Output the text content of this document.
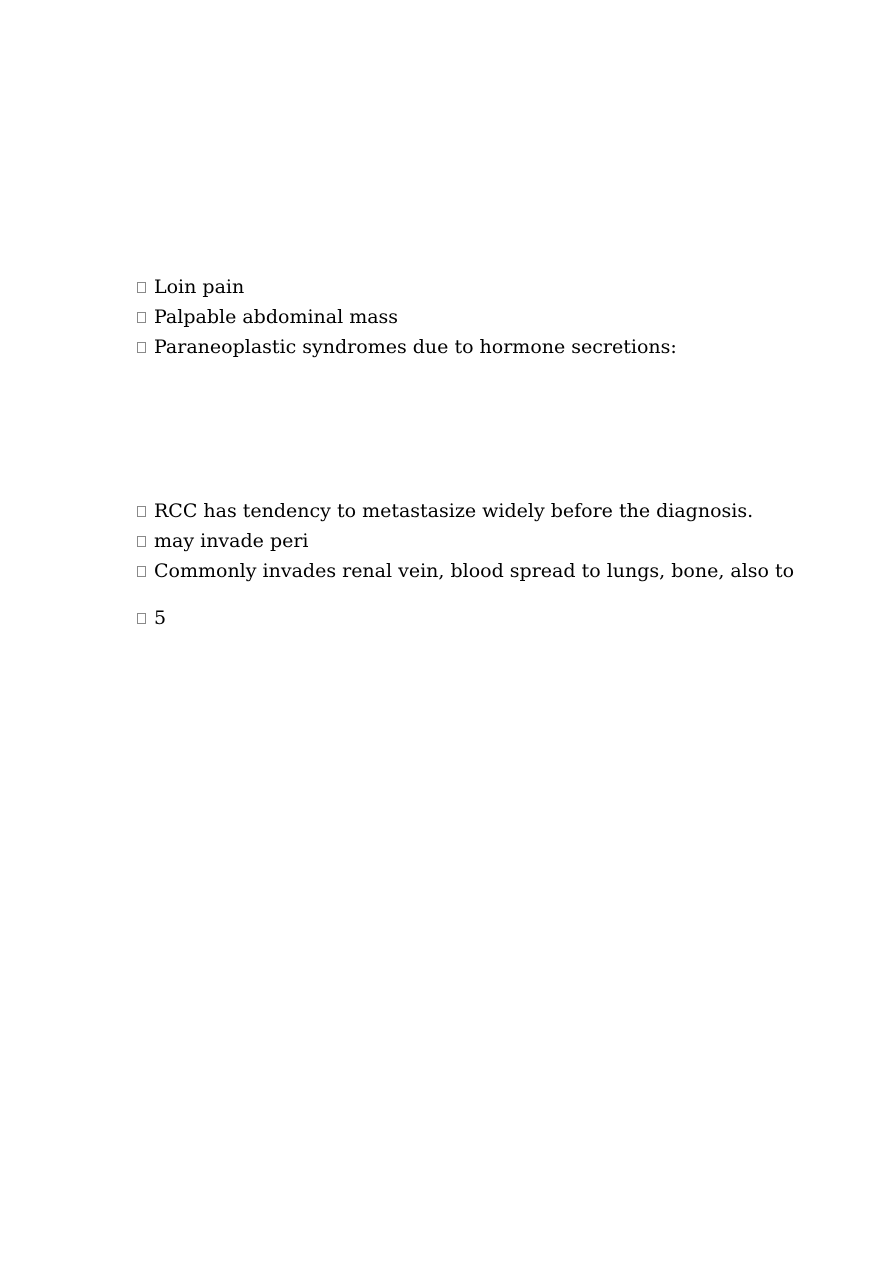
Loin pain
Palpable abdominal mass
Paraneoplastic syndromes due to hormone secretions:
RCC has tendency to metastasize widely before the diagnosis.
may invade peri
Commonly invades renal vein, blood spread to lungs, bone, also to
5
